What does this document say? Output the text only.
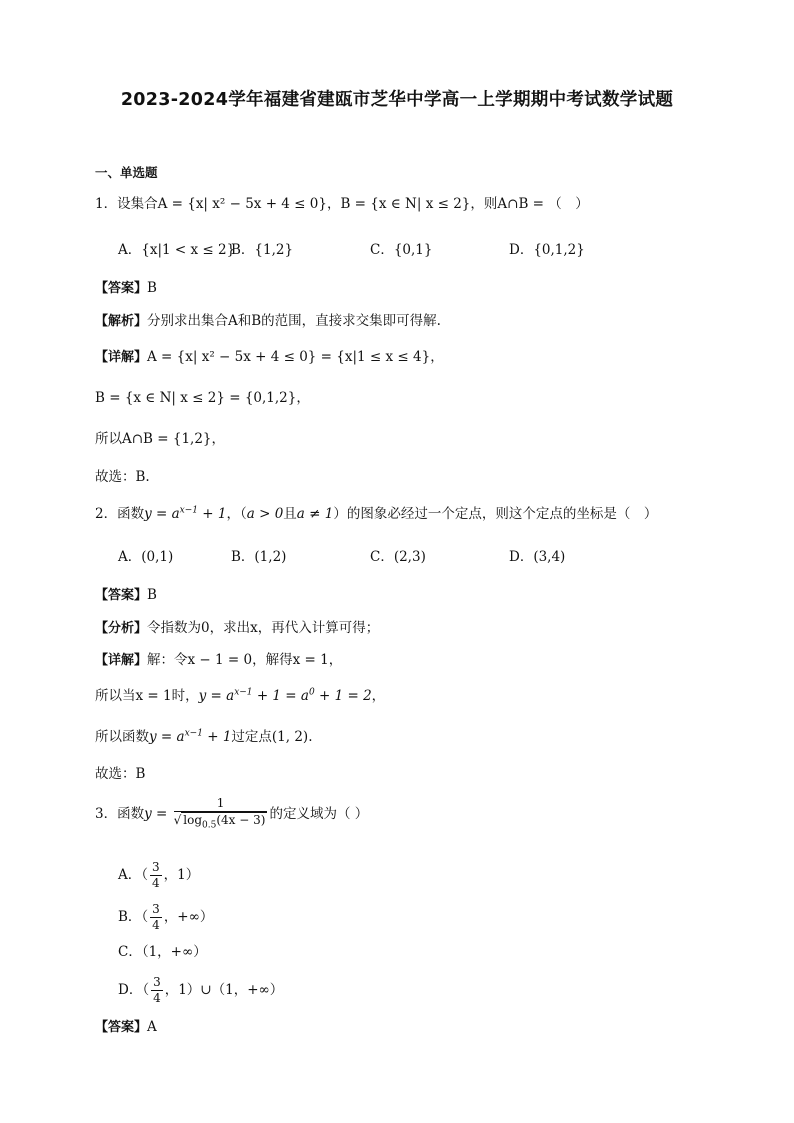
2023-2024学年福建省建瓯市芝华中学高一上学期期中考试数学试题
一、单选题
1．设集合A = {x| x² − 5x + 4 ≤ 0}，B = {x ∈ N| x ≤ 2}，则A∩B = （　）
A．{x|1 < x ≤ 2}
B．{1,2}	C．{0,1}	D．{0,1,2}
【答案】B
【解析】分别求出集合A和B的范围，直接求交集即可得解.
【详解】A = {x| x² − 5x + 4 ≤ 0} = {x|1 ≤ x ≤ 4}，
B = {x ∈ N| x ≤ 2} = {0,1,2}，
所以A∩B = {1,2}，
故选：B.
2．函数$y = a^{x-1} + 1$，（a > 0且a ≠ 1）的图象必经过一个定点，则这个定点的坐标是（　）
A．(0,1)	B．(1,2)	C．(2,3)	D．(3,4)
【答案】B
【分析】令指数为0，求出x，再代入计算可得；
【详解】解：令x − 1 = 0，解得x = 1，
所以当x = 1时，$y = a^{x-1} + 1 = a^0 + 1 = 2$，
所以函数$y = a^{x-1} + 1$过定点(1, 2).
故选：B
3．函数$y = \frac{1}{√ \log_{0.5}(4x - 3)}$ 的定义域为（ ）
A．（ $\frac{3}{4}$ ，1）
B．（ $\frac{3}{4}$ ，+∞）
C．（1，+∞）
D．（ $\frac{3}{4}$ ，1）∪（1，+∞）
【答案】A
